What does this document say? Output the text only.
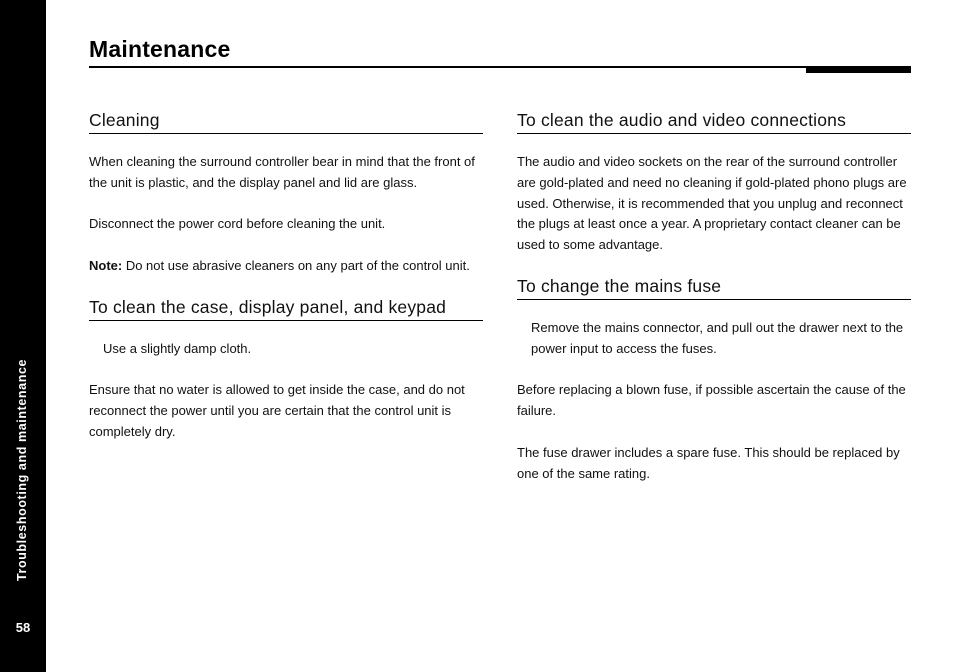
Troubleshooting and maintenance
58
Maintenance
Cleaning

When cleaning the surround controller bear in mind that the front of the unit is plastic, and the display panel and lid are glass.

Disconnect the power cord before cleaning the unit.

Note: Do not use abrasive cleaners on any part of the control unit.

To clean the case, display panel, and keypad

Use a slightly damp cloth.

Ensure that no water is allowed to get inside the case, and do not reconnect the power until you are certain that the control unit is completely dry.

To clean the audio and video connections

The audio and video sockets on the rear of the surround controller are gold-plated and need no cleaning if gold-plated phono plugs are used. Otherwise, it is recommended that you unplug and reconnect the plugs at least once a year. A proprietary contact cleaner can be used to some advantage.

To change the mains fuse

Remove the mains connector, and pull out the drawer next to the power input to access the fuses.

Before replacing a blown fuse, if possible ascertain the cause of the failure.

The fuse drawer includes a spare fuse. This should be replaced by one of the same rating.
